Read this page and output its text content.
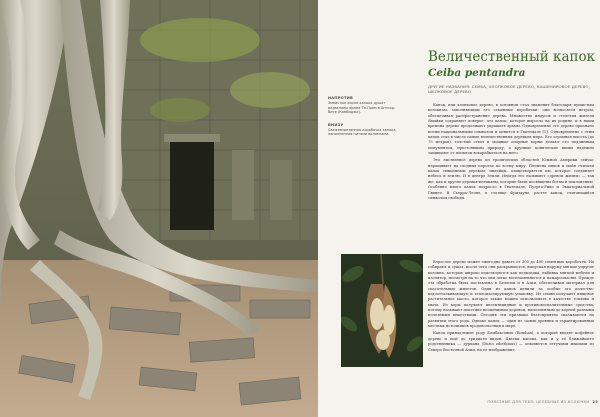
НАПРОТИВ

Змеистые корни капока душат развалины храма Та-Пром в Ангкор-Вате (Камбоджа).

ВНИЗУ

Свежевзрезанная коробочка капока, наполненная нитями волокнами.

Величественный капок
Ceiba pentandra

ДРУГИЕ НАЗВАНИЯ: СЕЙБА, ХЛОПКОВОЕ ДЕРЕВО, КАШЕМИРОВОЕ ДЕРЕВО, ШЕЛКОВОЕ ДЕРЕВО

Капок, или хлопковое дерево, в основном стал знаменит благодаря пушистым волокнам, заполняющим его семенные коробочки: они возносятся ветром, обеспечивая распространение дерева. Множество индусов и столетия жители Ямайки сохраняют поверье, что капок, которое выросло на их родине, и в наши времена дерево продолжают украшать храмы. Одновременно это дерево признано всеми национальными символом и ценится в Гватемале [1]. Одновременно с этим капок стал в числе самых величественных деревьев мира. Его огромная высота (до 75 метров), толстый ствол и мощные опорные корни делают его подлинным монументом, простоявшим природу, а крупные конические шипы надежно защищают от попыток вскарабкаться на него.

Это лиственное дерево из тропических областей Южной Америки сейчас наращивает на сходных порогах по всему миру. Племена инков и майя считали капок священным деревом; индейцы, олицетворяется им, которое соединяет небеса и землю. И в центре Земли. Иногда его называют «древом жизни» — так же, как и другие деревья-великаны, которые были посвящены богам и поклонению. Особенно много капок подросло в Гватемале, Пуэрто-Рико и Экваториальной Гвинее. В Сьерра-Леоне, в столице Фритауне, растет капок, считающийся символом свободы.

Взрослое дерево может ежегодно давать от 300 до 400 семенных коробочек. Их собирают и сушат, после чего они раскрываются, выпуская наружу мягкие упругие волокна, которые широко используются как подкладка, набивка мягкой мебели и изолятор, несмотря на то что они легко воспламеняются и пожароопасны. Прежде эта обработка была поставлена в Бельгии и в Азии, обеспечивая материал для спасательных жилетов. Один из капок ценили за особые его качества: водоотталкивающую и теплоизолирующую упаковку. Из семян получают пищевое растительное масло, которое также можно использовать в качестве топлива и мыла. Из коры получают инсектицидные и противовоспалительные средства, потому называют поистине неоценимым деревом, наполненным до корней разными полезными веществами. Сегодня эти признаки благоприятно сказываются на развитии этого рода. Однако капок — один из самых древних и гарантированных местных источников продовольствия в мире.

Капок принадлежит роду Бомбаксовых (Bombax), а который входят кофейное дерево и ещё до тридцати видов. Цветки капока, как и у её ближайшего родственника — дуриана (Durio zibethinus) — опыляются летучими мышами из Северо-Восточной Азии, на ее изображение.

ПОЛЕЗНЫЕ ДЛЯ ТЕБЯ: ЦЕЛЕБНЫЕ ИЗ КОЛЮЧКИ 25
